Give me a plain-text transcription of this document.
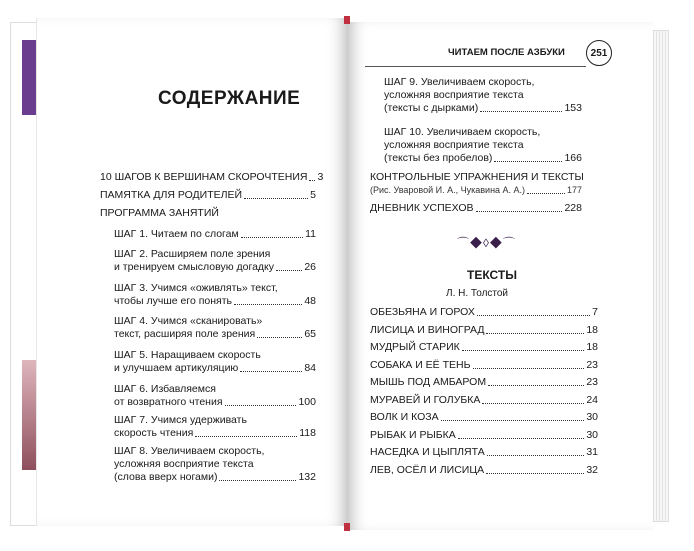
СОДЕРЖАНИЕ
ЧИТАЕМ ПОСЛЕ АЗБУКИ	251
⌒◆◊◆⌒
ТЕКСТЫ
Л. Н. Толстой
10 ШАГОВ К ВЕРШИНАМ СКОРОЧТЕНИЯ 3
ПАМЯТКА ДЛЯ РОДИТЕЛЕЙ	5
ПРОГРАММА ЗАНЯТИЙ
ШАГ 1. Читаем по слогам	11
ШАГ 2. Расширяем поле зрения
и тренируем смысловую догадку	26
ШАГ 3. Учимся «оживлять» текст,
чтобы лучше его понять	48
ШАГ 4. Учимся «сканировать»
текст, расширяя поле зрения	65
ШАГ 5. Наращиваем скорость
и улучшаем артикуляцию	84
ШАГ 6. Избавляемся
от возвратного чтения	100
ШАГ 7. Учимся удерживать
скорость чтения	118
ШАГ 8. Увеличиваем скорость,
усложняя восприятие текста
(слова вверх ногами)	132
ШАГ 9. Увеличиваем скорость,
усложняя восприятие текста
(тексты с дырками)	153
ШАГ 10. Увеличиваем скорость,
усложняя восприятие текста
(тексты без пробелов)	166
КОНТРОЛЬНЫЕ УПРАЖНЕНИЯ И ТЕКСТЫ
(Рис. Уваровой И. А., Чукавина А. А.)	177
ДНЕВНИК УСПЕХОВ	228
ОБЕЗЬЯНА И ГОРОХ	7
ЛИСИЦА И ВИНОГРАД	18
МУДРЫЙ СТАРИК	18
СОБАКА И ЕЁ ТЕНЬ	23
МЫШЬ ПОД АМБАРОМ	23
МУРАВЕЙ И ГОЛУБКА	24
ВОЛК И КОЗА	30
РЫБАК И РЫБКА	30
НАСЕДКА И ЦЫПЛЯТА	31
ЛЕВ, ОСЁЛ И ЛИСИЦА	32
